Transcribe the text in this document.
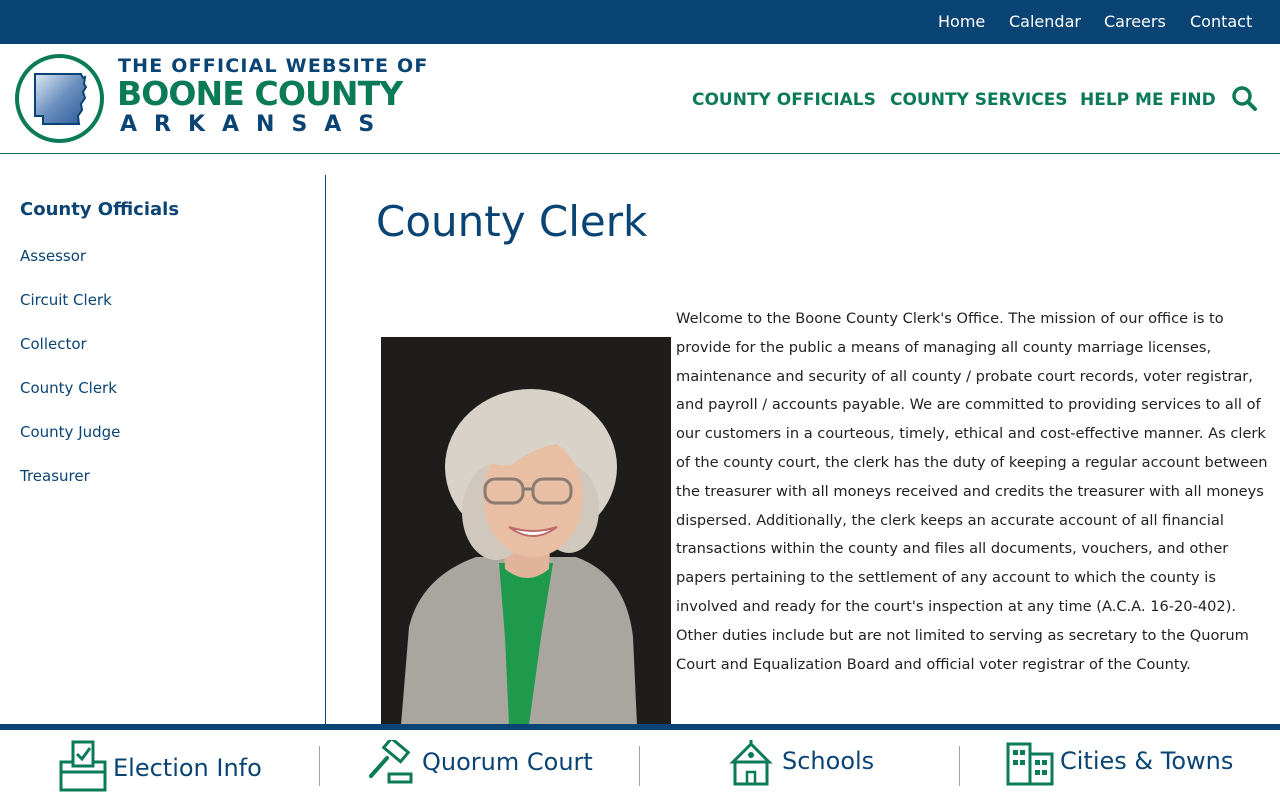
Home Calendar Careers Contact
THE OFFICIAL WEBSITE OF
BOONE COUNTY
ARKANSAS
COUNTY OFFICIALS COUNTY SERVICES HELP ME FIND
County Officials
Assessor
Circuit Clerk
Collector
County Clerk
County Judge
Treasurer
County Clerk

Welcome to the Boone County Clerk's Office. The mission of our office is to provide for the public a means of managing all county marriage licenses, maintenance and security of all county / probate court records, voter registrar, and payroll / accounts payable. We are committed to providing services to all of our customers in a courteous, timely, ethical and cost-effective manner. As clerk of the county court, the clerk has the duty of keeping a regular account between the treasurer with all moneys received and credits the treasurer with all moneys dispersed. Additionally, the clerk keeps an accurate account of all financial transactions within the county and files all documents, vouchers, and other papers pertaining to the settlement of any account to which the county is involved and ready for the court's inspection at any time (A.C.A. 16-20-402). Other duties include but are not limited to serving as secretary to the Quorum Court and Equalization Board and official voter registrar of the County.

Election Info	Quorum Court	Schools	Cities & Towns
